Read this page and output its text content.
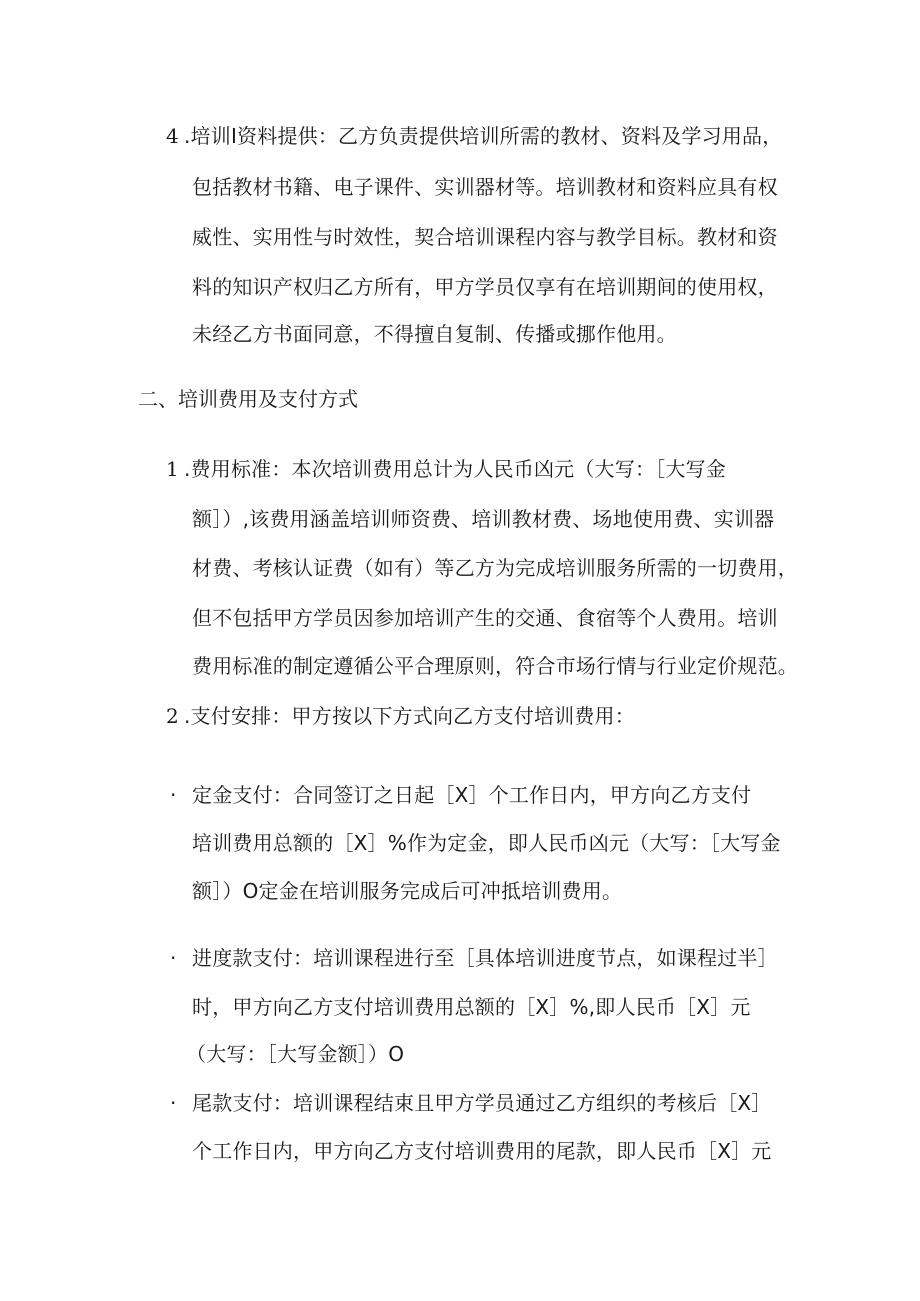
4 .培训I资料提供：乙方负责提供培训所需的教材、资料及学习用品，
包括教材书籍、电子课件、实训器材等。培训教材和资料应具有权
威性、实用性与时效性，契合培训课程内容与教学目标。教材和资
料的知识产权归乙方所有，甲方学员仅享有在培训期间的使用权，
未经乙方书面同意，不得擅自复制、传播或挪作他用。
二、培训费用及支付方式
1 .费用标准：本次培训费用总计为人民币凶元（大写：［大写金
额］）,该费用涵盖培训师资费、培训教材费、场地使用费、实训器
材费、考核认证费（如有）等乙方为完成培训服务所需的一切费用，
但不包括甲方学员因参加培训产生的交通、食宿等个人费用。培训
费用标准的制定遵循公平合理原则，符合市场行情与行业定价规范。
2 .支付安排：甲方按以下方式向乙方支付培训费用：
· 定金支付：合同签订之日起［X］个工作日内，甲方向乙方支付
培训费用总额的［X］%作为定金，即人民币凶元（大写：［大写金
额］）O定金在培训服务完成后可冲抵培训费用。
· 进度款支付：培训课程进行至［具体培训进度节点，如课程过半］
时，甲方向乙方支付培训费用总额的［X］%,即人民币［X］元
（大写：［大写金额］）O
· 尾款支付：培训课程结束且甲方学员通过乙方组织的考核后［X］
个工作日内，甲方向乙方支付培训费用的尾款，即人民币［X］元
